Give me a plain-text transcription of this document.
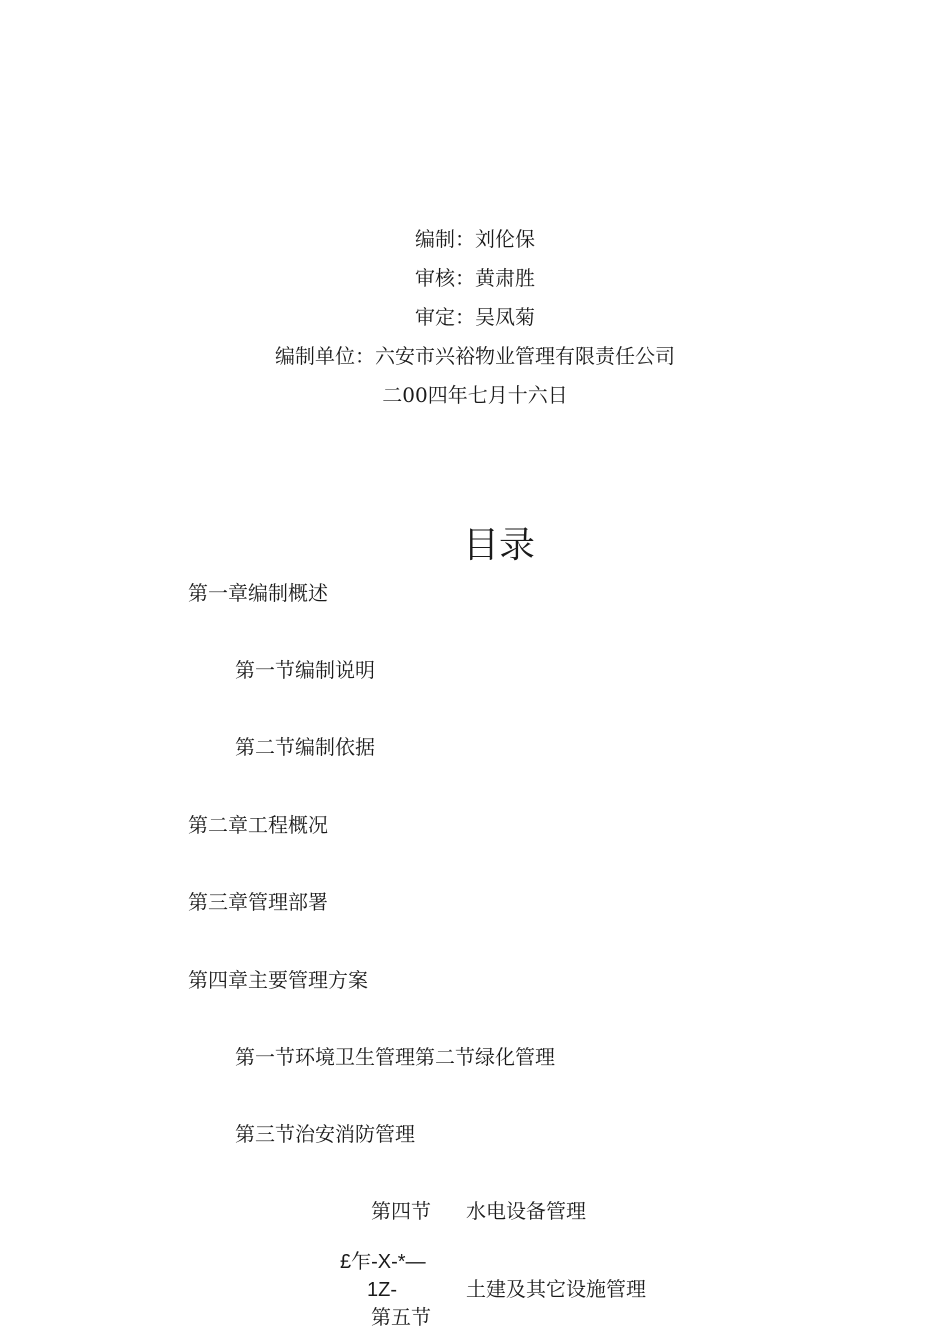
编制：刘伦保
审核：黄肃胜
审定：吴凤菊
编制单位：六安市兴裕物业管理有限责任公司
二00四年七月十六日
目录
第一章编制概述
第一节编制说明
第二节编制依据
第二章工程概况
第三章管理部署
第四章主要管理方案
第一节环境卫生管理第二节绿化管理
第三节治安消防管理
第四节 水电设备管理
£乍-X‐*—
1Z-	土建及其它设施管理
第五节
